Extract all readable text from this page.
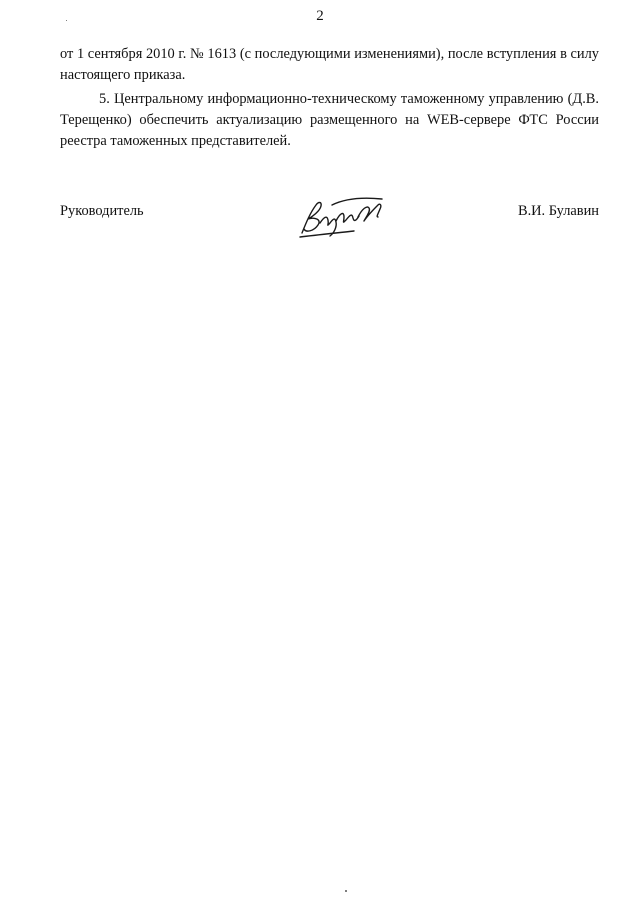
2
от 1 сентября 2010 г. № 1613 (с последующими изменениями), после вступления в силу настоящего приказа.
5. Центральному информационно-техническому таможенному управлению (Д.В. Терещенко) обеспечить актуализацию размещенного на WEB-сервере ФТС России реестра таможенных представителей.
Руководитель	В.И. Булавин
